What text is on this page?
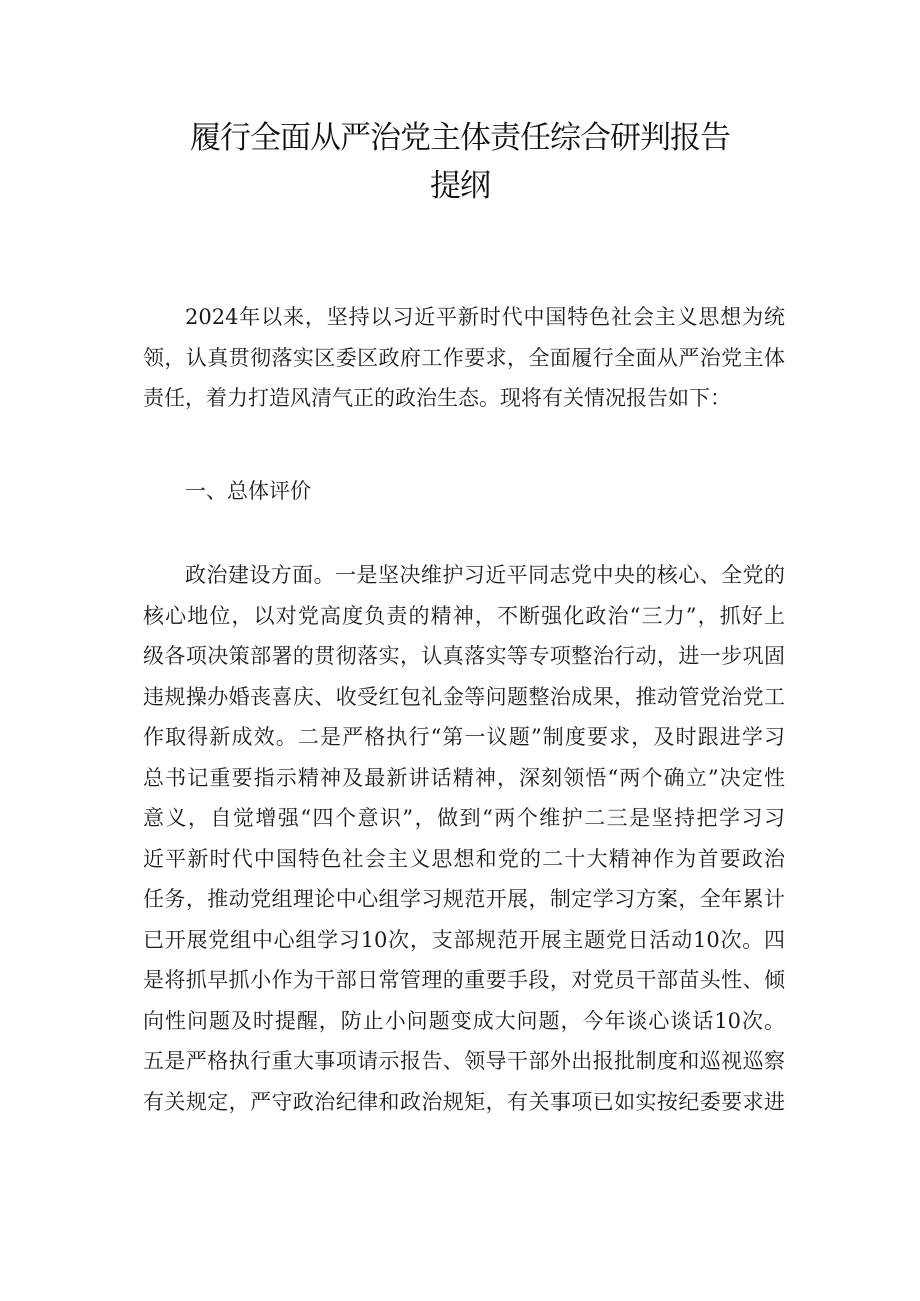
履行全面从严治党主体责任综合研判报告
提纲
2024年以来，坚持以习近平新时代中国特色社会主义思想为统
领，认真贯彻落实区委区政府工作要求，全面履行全面从严治党主体
责任，着力打造风清气正的政治生态。现将有关情况报告如下：
一、总体评价
政治建设方面。一是坚决维护习近平同志党中央的核心、全党的
核心地位，以对党高度负责的精神，不断强化政治“三力”，抓好上
级各项决策部署的贯彻落实，认真落实等专项整治行动，进一步巩固
违规操办婚丧喜庆、收受红包礼金等问题整治成果，推动管党治党工
作取得新成效。二是严格执行“第一议题”制度要求，及时跟进学习
总书记重要指示精神及最新讲话精神，深刻领悟“两个确立”决定性
意义，自觉增强“四个意识”，做到“两个维护二三是坚持把学习习
近平新时代中国特色社会主义思想和党的二十大精神作为首要政治
任务，推动党组理论中心组学习规范开展，制定学习方案，全年累计
已开展党组中心组学习10次，支部规范开展主题党日活动10次。四
是将抓早抓小作为干部日常管理的重要手段，对党员干部苗头性、倾
向性问题及时提醒，防止小问题变成大问题，今年谈心谈话10次。
五是严格执行重大事项请示报告、领导干部外出报批制度和巡视巡察
有关规定，严守政治纪律和政治规矩，有关事项已如实按纪委要求进
